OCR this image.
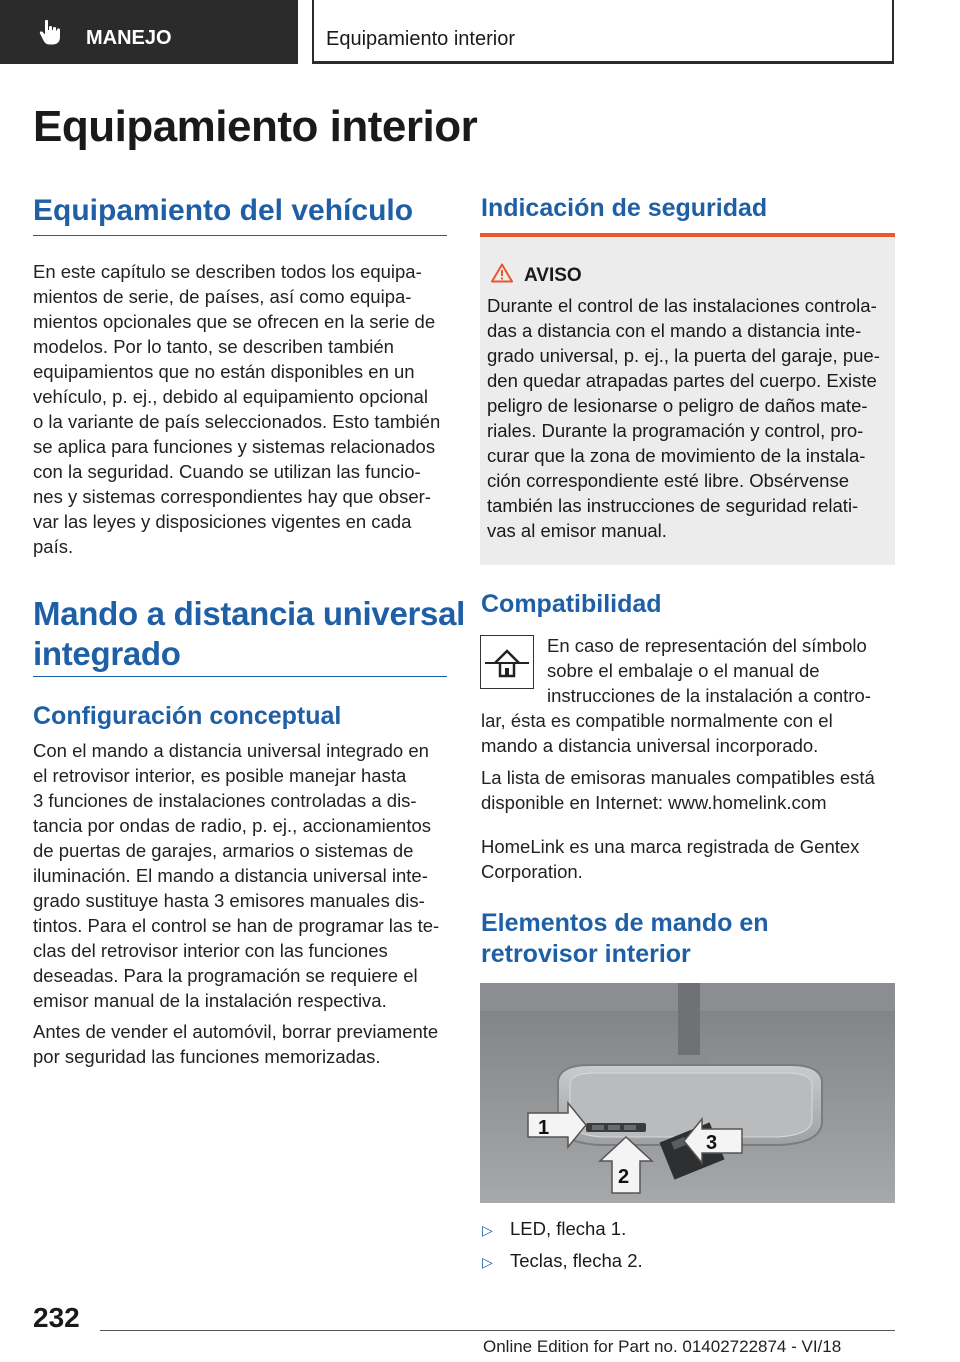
MANEJO	Equipamiento interior
Equipamiento interior
Equipamiento del vehículo
En este capítulo se describen todos los equipa-
mientos de serie, de países, así como equipa-
mientos opcionales que se ofrecen en la serie de
modelos. Por lo tanto, se describen también
equipamientos que no están disponibles en un
vehículo, p. ej., debido al equipamiento opcional
o la variante de país seleccionados. Esto también
se aplica para funciones y sistemas relacionados
con la seguridad. Cuando se utilizan las funcio-
nes y sistemas correspondientes hay que obser-
var las leyes y disposiciones vigentes en cada
país.
Mando a distancia universal
integrado
Configuración conceptual
Con el mando a distancia universal integrado en
el retrovisor interior, es posible manejar hasta
3 funciones de instalaciones controladas a dis-
tancia por ondas de radio, p. ej., accionamientos
de puertas de garajes, armarios o sistemas de
iluminación. El mando a distancia universal inte-
grado sustituye hasta 3 emisores manuales dis-
tintos. Para el control se han de programar las te-
clas del retrovisor interior con las funciones
deseadas. Para la programación se requiere el
emisor manual de la instalación respectiva.
Antes de vender el automóvil, borrar previamente
por seguridad las funciones memorizadas.
Indicación de seguridad
AVISO
Durante el control de las instalaciones controla-
das a distancia con el mando a distancia inte-
grado universal, p. ej., la puerta del garaje, pue-
den quedar atrapadas partes del cuerpo. Existe
peligro de lesionarse o peligro de daños mate-
riales. Durante la programación y control, pro-
curar que la zona de movimiento de la instala-
ción correspondiente esté libre. Obsérvense
también las instrucciones de seguridad relati-
vas al emisor manual.
Compatibilidad
En caso de representación del símbolo
sobre el embalaje o el manual de
instrucciones de la instalación a contro-
lar, ésta es compatible normalmente con el
mando a distancia universal incorporado.
La lista de emisoras manuales compatibles está
disponible en Internet: www.homelink.com
HomeLink es una marca registrada de Gentex
Corporation.
Elementos de mando en
retrovisor interior
1
2
3
▷ LED, flecha 1.
▷ Teclas, flecha 2.
232
Online Edition for Part no. 01402722874 - VI/18
